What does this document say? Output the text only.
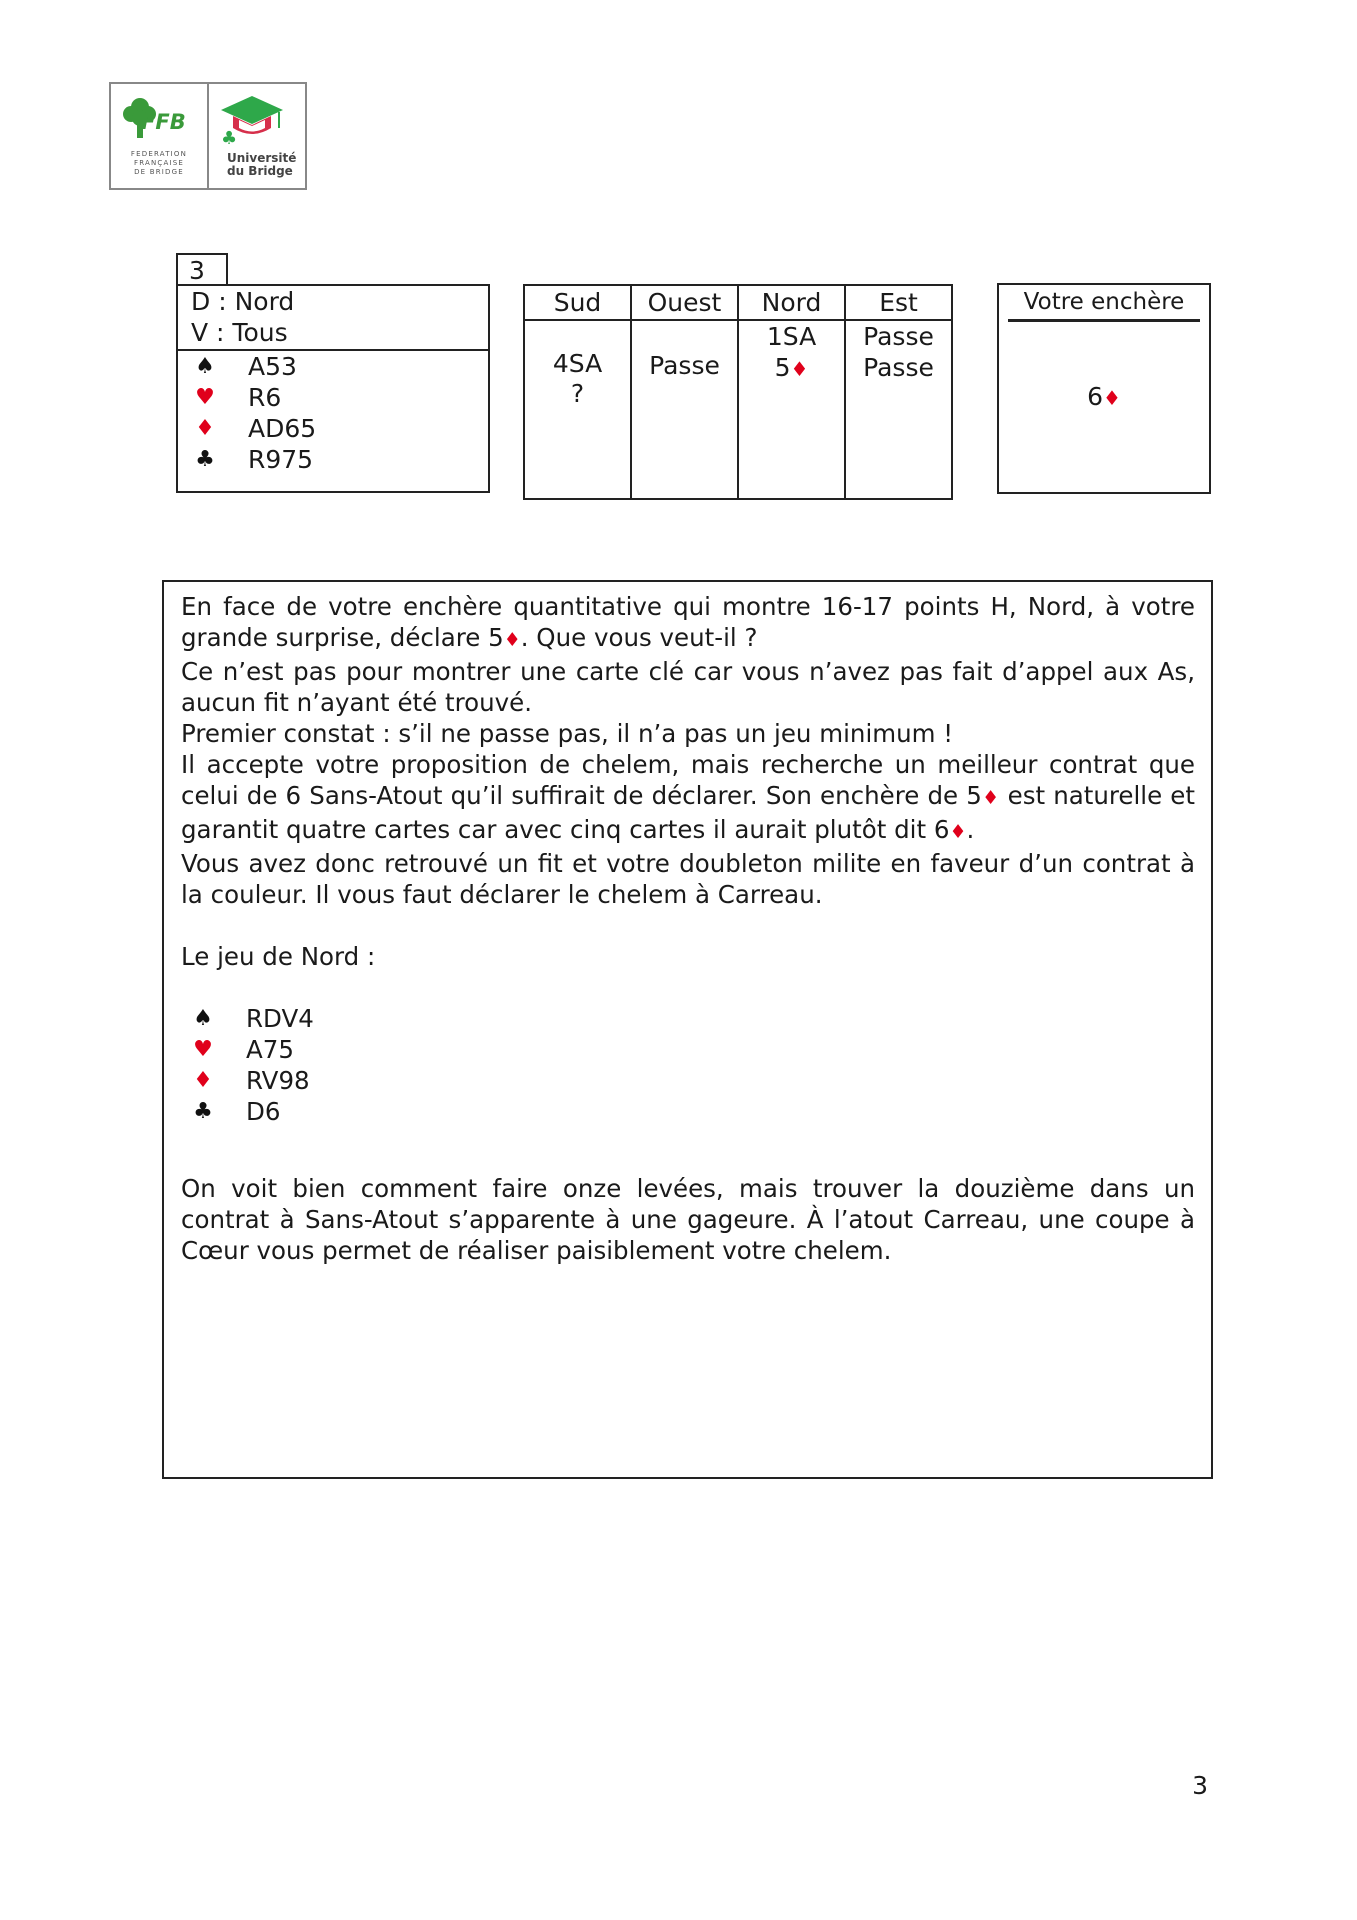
FFB
FEDERATION
FRANÇAISE
DE BRIDGE
♣
Université
du Bridge
3
D : Nord
V : Tous
♠ A53
♥ R6
♦ AD65
♣ R975
Sud
4SA
?
Ouest
Passe
Nord
1SA
5♦
Est
Passe
Passe
Votre enchère
6♦

En face de votre enchère quantitative qui montre 16-17 points H, Nord, à votre grande surprise, déclare 5♦. Que vous veut-il ?

Ce n’est pas pour montrer une carte clé car vous n’avez pas fait d’appel aux As, aucun fit n’ayant été trouvé.

Premier constat : s’il ne passe pas, il n’a pas un jeu minimum !

Il accepte votre proposition de chelem, mais recherche un meilleur contrat que celui de 6 Sans-Atout qu’il suffirait de déclarer. Son enchère de 5♦ est naturelle et garantit quatre cartes car avec cinq cartes il aurait plutôt dit 6♦.

Vous avez donc retrouvé un fit et votre doubleton milite en faveur d’un contrat à la couleur. Il vous faut déclarer le chelem à Carreau.

Le jeu de Nord :

♠ RDV4
♥ A75
♦ RV98
♣ D6

On voit bien comment faire onze levées, mais trouver la douzième dans un contrat à Sans-Atout s’apparente à une gageure. À l’atout Carreau, une coupe à Cœur vous permet de réaliser paisiblement votre chelem.

3
